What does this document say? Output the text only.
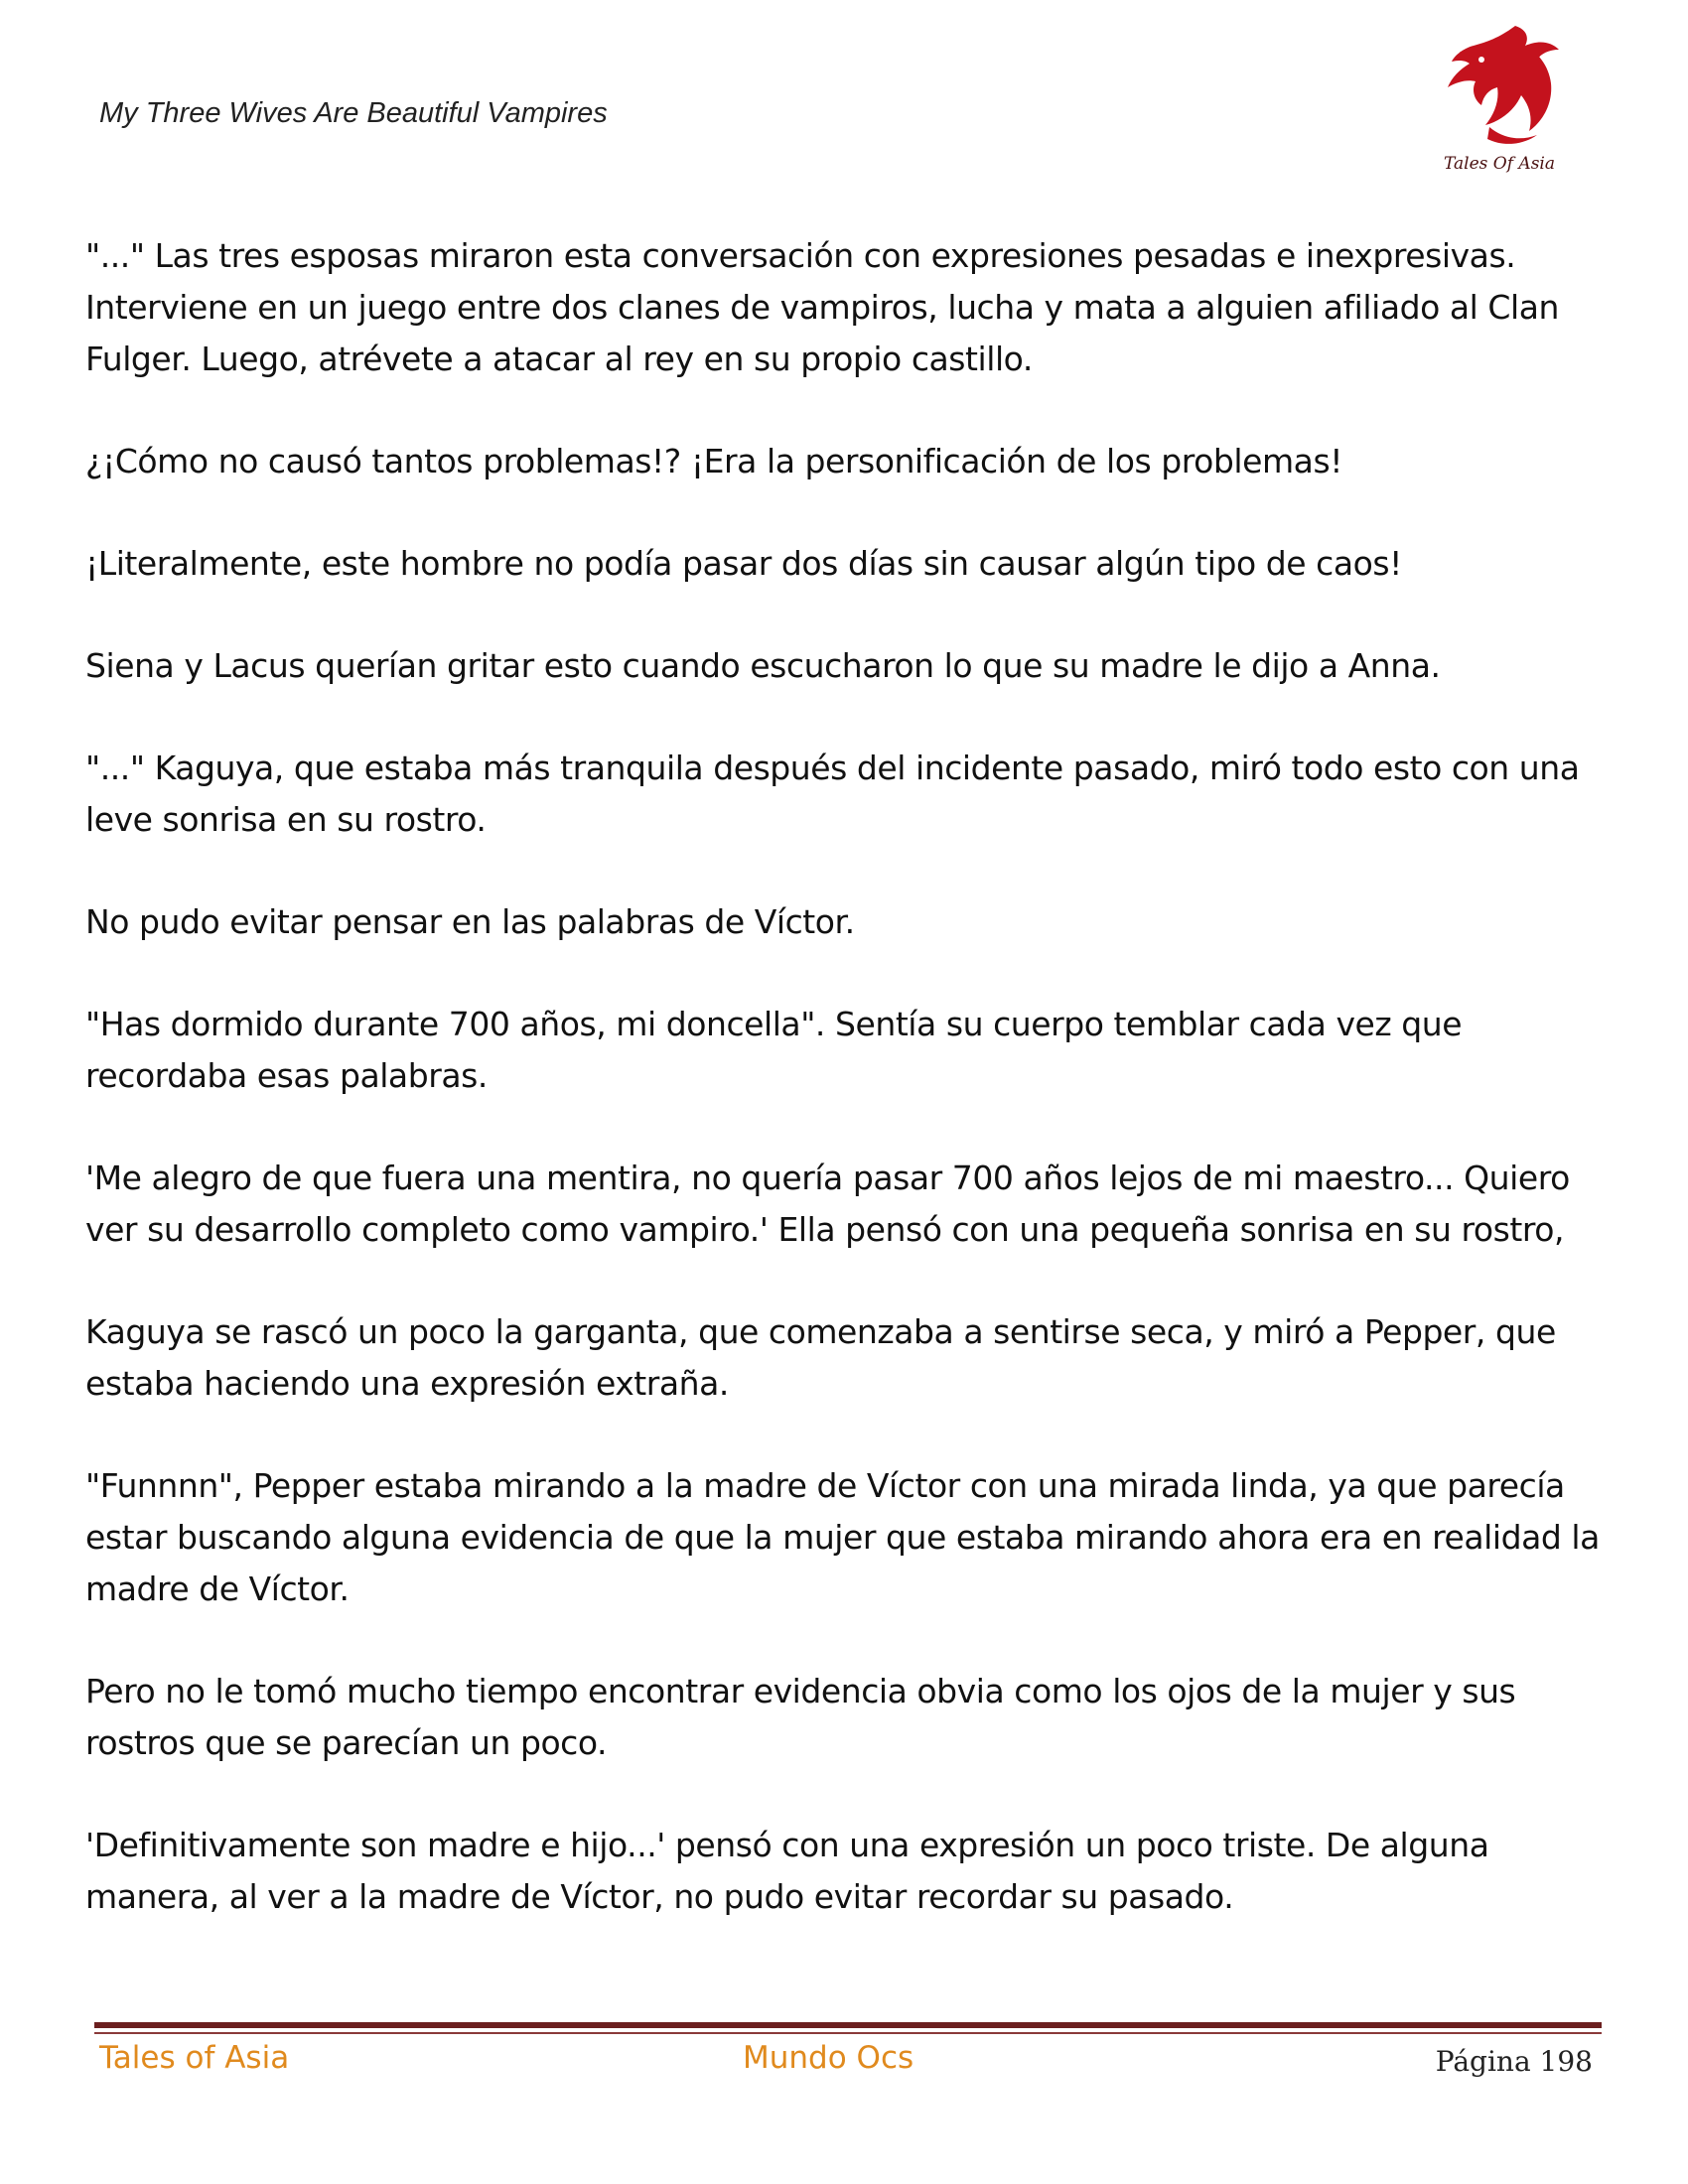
My Three Wives Are Beautiful Vampires
Tales Of Asia

"..." Las tres esposas miraron esta conversación con expresiones pesadas e inexpresivas. Interviene en un juego entre dos clanes de vampiros, lucha y mata a alguien afiliado al Clan Fulger. Luego, atrévete a atacar al rey en su propio castillo.

¿¡Cómo no causó tantos problemas!? ¡Era la personificación de los problemas!

¡Literalmente, este hombre no podía pasar dos días sin causar algún tipo de caos!

Siena y Lacus querían gritar esto cuando escucharon lo que su madre le dijo a Anna.

"..." Kaguya, que estaba más tranquila después del incidente pasado, miró todo esto con una leve sonrisa en su rostro.

No pudo evitar pensar en las palabras de Víctor.

"Has dormido durante 700 años, mi doncella". Sentía su cuerpo temblar cada vez que recordaba esas palabras.

'Me alegro de que fuera una mentira, no quería pasar 700 años lejos de mi maestro... Quiero ver su desarrollo completo como vampiro.' Ella pensó con una pequeña sonrisa en su rostro,

Kaguya se rascó un poco la garganta, que comenzaba a sentirse seca, y miró a Pepper, que estaba haciendo una expresión extraña.

"Funnnn", Pepper estaba mirando a la madre de Víctor con una mirada linda, ya que parecía estar buscando alguna evidencia de que la mujer que estaba mirando ahora era en realidad la madre de Víctor.

Pero no le tomó mucho tiempo encontrar evidencia obvia como los ojos de la mujer y sus rostros que se parecían un poco.

'Definitivamente son madre e hijo...' pensó con una expresión un poco triste. De alguna manera, al ver a la madre de Víctor, no pudo evitar recordar su pasado.

Tales of Asia	Mundo Ocs	Página 198
